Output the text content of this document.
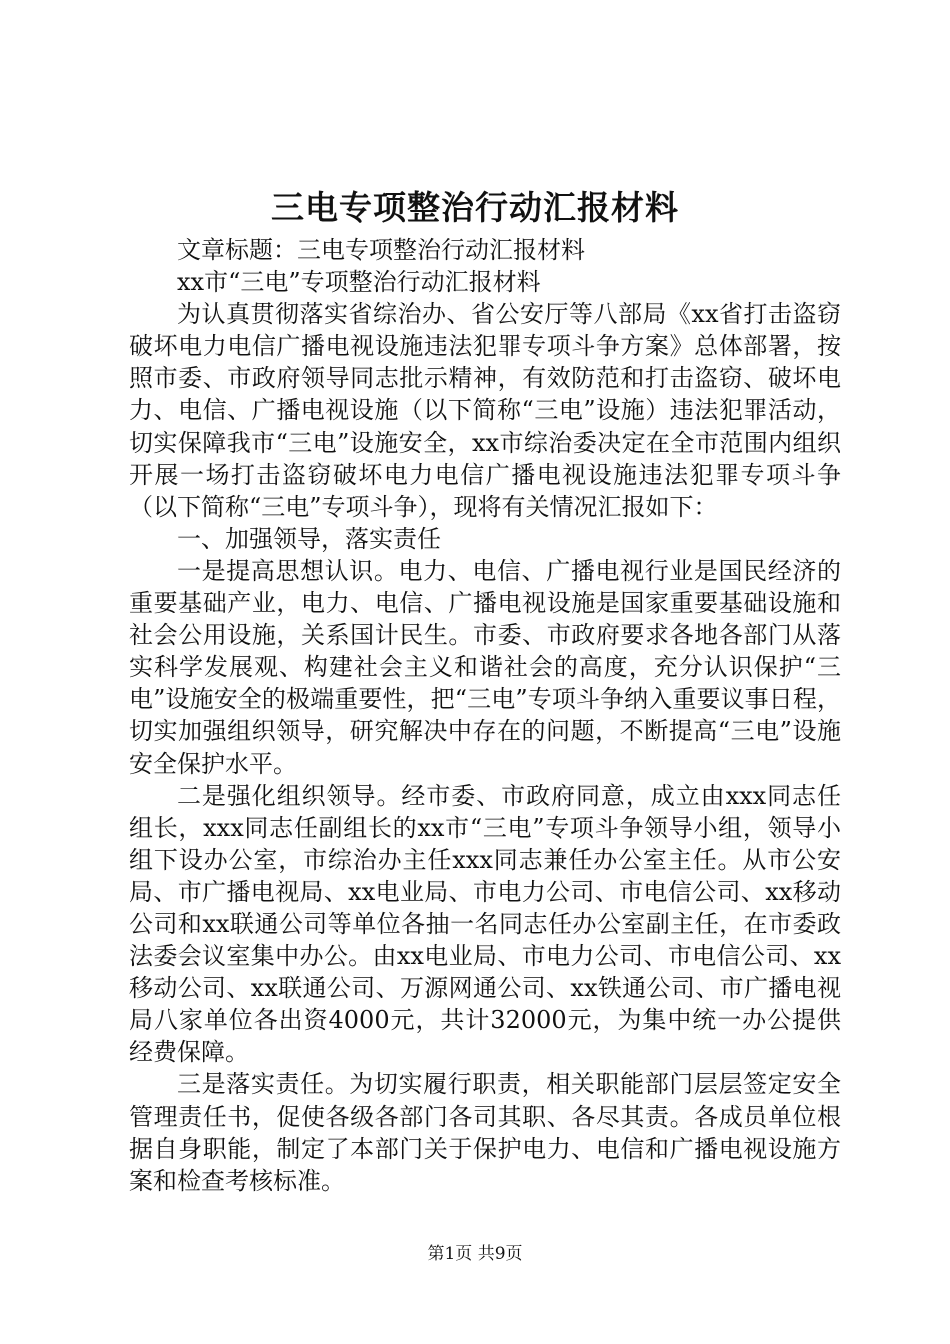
三电专项整治行动汇报材料

文章标题：三电专项整治行动汇报材料

xx市“三电”专项整治行动汇报材料

为认真贯彻落实省综治办、省公安厅等八部局《xx省打击盗窃破坏电力电信广播电视设施违法犯罪专项斗争方案》总体部署，按照市委、市政府领导同志批示精神，有效防范和打击盗窃、破坏电力、电信、广播电视设施（以下简称“三电”设施）违法犯罪活动，切实保障我市“三电”设施安全，xx市综治委决定在全市范围内组织开展一场打击盗窃破坏电力电信广播电视设施违法犯罪专项斗争（以下简称“三电”专项斗争），现将有关情况汇报如下：

一、加强领导，落实责任

一是提高思想认识。电力、电信、广播电视行业是国民经济的重要基础产业，电力、电信、广播电视设施是国家重要基础设施和社会公用设施，关系国计民生。市委、市政府要求各地各部门从落实科学发展观、构建社会主义和谐社会的高度，充分认识保护“三电”设施安全的极端重要性，把“三电”专项斗争纳入重要议事日程，切实加强组织领导，研究解决中存在的问题，不断提高“三电”设施安全保护水平。

二是强化组织领导。经市委、市政府同意，成立由xxx同志任组长，xxx同志任副组长的xx市“三电”专项斗争领导小组，领导小组下设办公室，市综治办主任xxx同志兼任办公室主任。从市公安局、市广播电视局、xx电业局、市电力公司、市电信公司、xx移动公司和xx联通公司等单位各抽一名同志任办公室副主任，在市委政法委会议室集中办公。由xx电业局、市电力公司、市电信公司、xx移动公司、xx联通公司、万源网通公司、xx铁通公司、市广播电视局八家单位各出资4000元，共计32000元，为集中统一办公提供经费保障。

三是落实责任。为切实履行职责，相关职能部门层层签定安全管理责任书，促使各级各部门各司其职、各尽其责。各成员单位根据自身职能，制定了本部门关于保护电力、电信和广播电视设施方案和检查考核标准。

第1页 共9页
